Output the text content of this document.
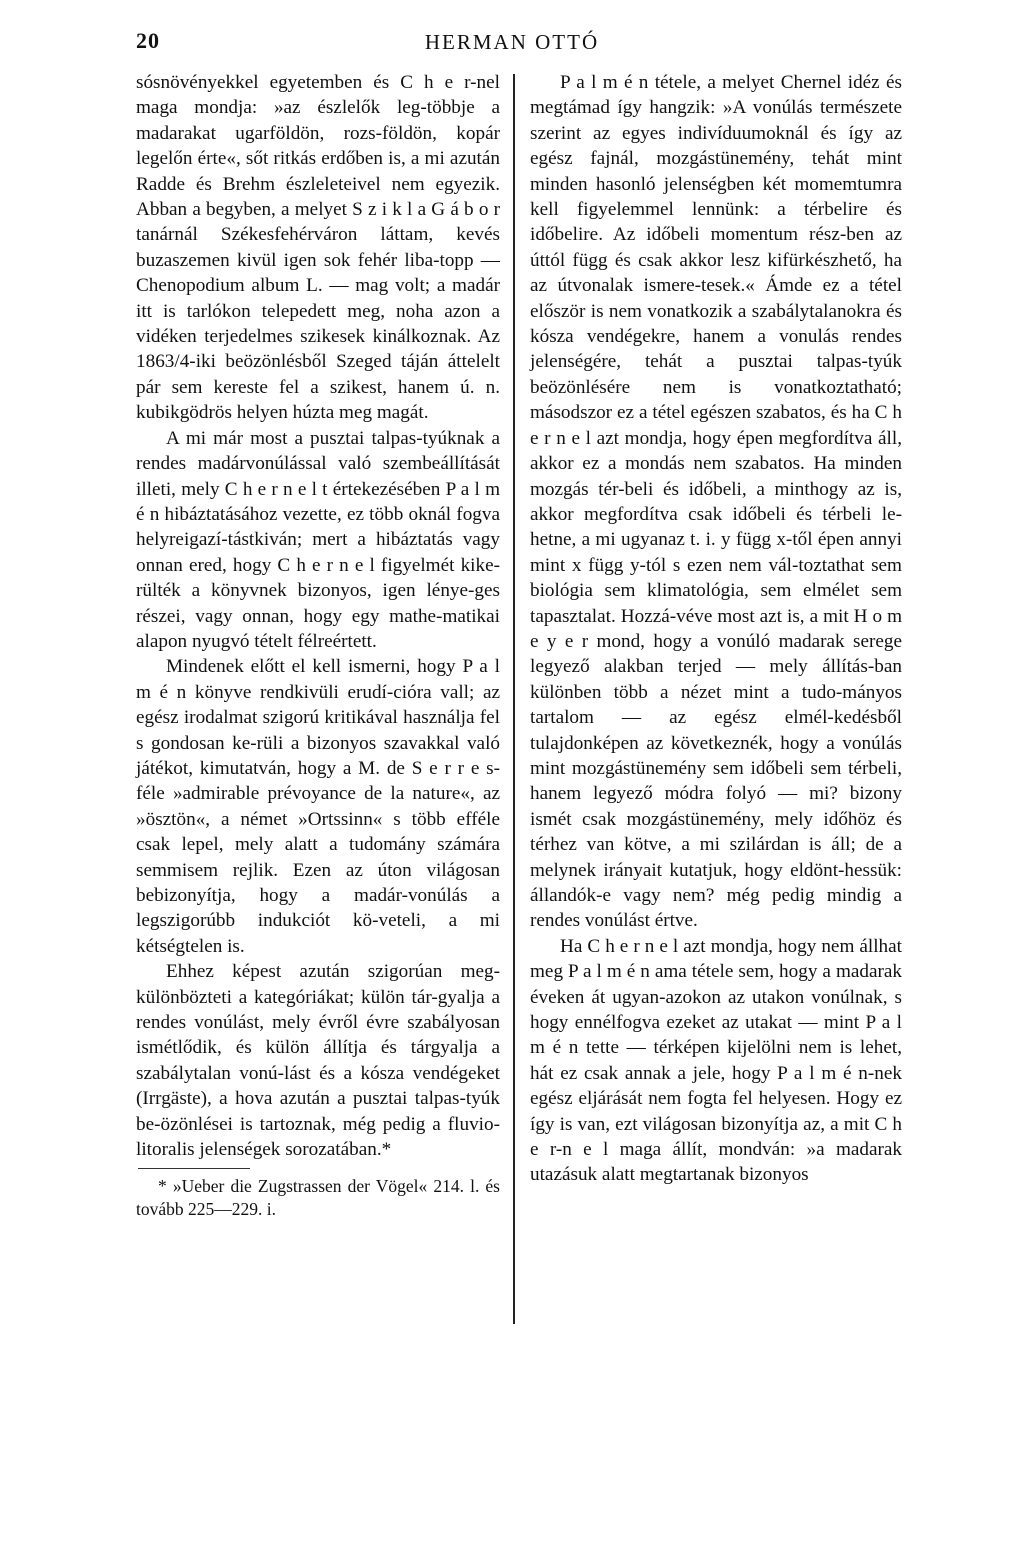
20	HERMAN OTTÓ

sósnövényekkel egyetemben és C h e r-nel maga mondja: »az észlelők leg-többje a madarakat ugarföldön, rozs-földön, kopár legelőn érte«, sőt ritkás erdőben is, a mi azután Radde és Brehm észleleteivel nem egyezik. Abban a begyben, a melyet S z i k l a G á b o r tanárnál Székesfehérváron láttam, kevés buzaszemen kivül igen sok fehér liba-topp — Chenopodium album L. — mag volt; a madár itt is tarlókon telepedett meg, noha azon a vidéken terjedelmes szikesek kinálkoznak. Az 1863/4-iki beözönlésből Szeged táján áttelelt pár sem kereste fel a szikest, hanem ú. n. kubikgödrös helyen húzta meg magát.

A mi már most a pusztai talpas-tyúknak a rendes madárvonúlással való szembeállítását illeti, mely C h e r n e l t értekezésében P a l m é n hibáztatásához vezette, ez több oknál fogva helyreigazí-tástkiván; mert a hibáztatás vagy onnan ered, hogy C h e r n e l figyelmét kike-rülték a könyvnek bizonyos, igen lénye-ges részei, vagy onnan, hogy egy mathe-matikai alapon nyugvó tételt félreértett.

Mindenek előtt el kell ismerni, hogy P a l m é n könyve rendkivüli erudí-cióra vall; az egész irodalmat szigorú kritikával használja fel s gondosan ke-rüli a bizonyos szavakkal való játékot, kimutatván, hogy a M. de S e r r e s-féle »admirable prévoyance de la nature«, az »ösztön«, a német »Ortssinn« s több efféle csak lepel, mely alatt a tudomány számára semmisem rejlik. Ezen az úton világosan bebizonyítja, hogy a madár-vonúlás a legszigorúbb indukciót kö-veteli, a mi kétségtelen is.

Ehhez képest azután szigorúan meg-különbözteti a kategóriákat; külön tár-gyalja a rendes vonúlást, mely évről évre szabályosan ismétlődik, és külön állítja és tárgyalja a szabálytalan vonú-lást és a kósza vendégeket (Irrgäste), a hova azután a pusztai talpas-tyúk be-özönlései is tartoznak, még pedig a fluvio-litoralis jelenségek sorozatában.*

* »Ueber die Zugstrassen der Vögel« 214. l. és tovább 225—229. i.

P a l m é n tétele, a melyet Chernel idéz és megtámad így hangzik: »A vonúlás természete szerint az egyes indivíduumoknál és így az egész fajnál, mozgástünemény, tehát mint minden hasonló jelenségben két momemtumra kell figyelemmel lennünk: a térbelire és időbelire. Az időbeli momentum rész-ben az úttól függ és csak akkor lesz kifürkészhető, ha az útvonalak ismere-tesek.« Ámde ez a tétel először is nem vonatkozik a szabálytalanokra és kósza vendégekre, hanem a vonulás rendes jelenségére, tehát a pusztai talpas-tyúk beözönlésére nem is vonatkoztatható; másodszor ez a tétel egészen szabatos, és ha C h e r n e l azt mondja, hogy épen megfordítva áll, akkor ez a mondás nem szabatos. Ha minden mozgás tér-beli és időbeli, a minthogy az is, akkor megfordítva csak időbeli és térbeli le-hetne, a mi ugyanaz t. i. y függ x-től épen annyi mint x függ y-tól s ezen nem vál-toztathat sem biológia sem klimatológia, sem elmélet sem tapasztalat. Hozzá-véve most azt is, a mit H o m e y e r mond, hogy a vonúló madarak serege legyező alakban terjed — mely állítás-ban különben több a nézet mint a tudo-mányos tartalom — az egész elmél-kedésből tulajdonképen az következnék, hogy a vonúlás mint mozgástünemény sem időbeli sem térbeli, hanem legyező módra folyó — mi? bizony ismét csak mozgástünemény, mely időhöz és térhez van kötve, a mi szilárdan is áll; de a melynek irányait kutatjuk, hogy eldönt-hessük: állandók-e vagy nem? még pedig mindig a rendes vonúlást értve.

Ha C h e r n e l azt mondja, hogy nem állhat meg P a l m é n ama tétele sem, hogy a madarak éveken át ugyan-azokon az utakon vonúlnak, s hogy ennélfogva ezeket az utakat — mint P a l m é n tette — térképen kijelölni nem is lehet, hát ez csak annak a jele, hogy P a l m é n-nek egész eljárását nem fogta fel helyesen. Hogy ez így is van, ezt világosan bizonyítja az, a mit C h e r-n e l maga állít, mondván: »a madarak utazásuk alatt megtartanak bizonyos
